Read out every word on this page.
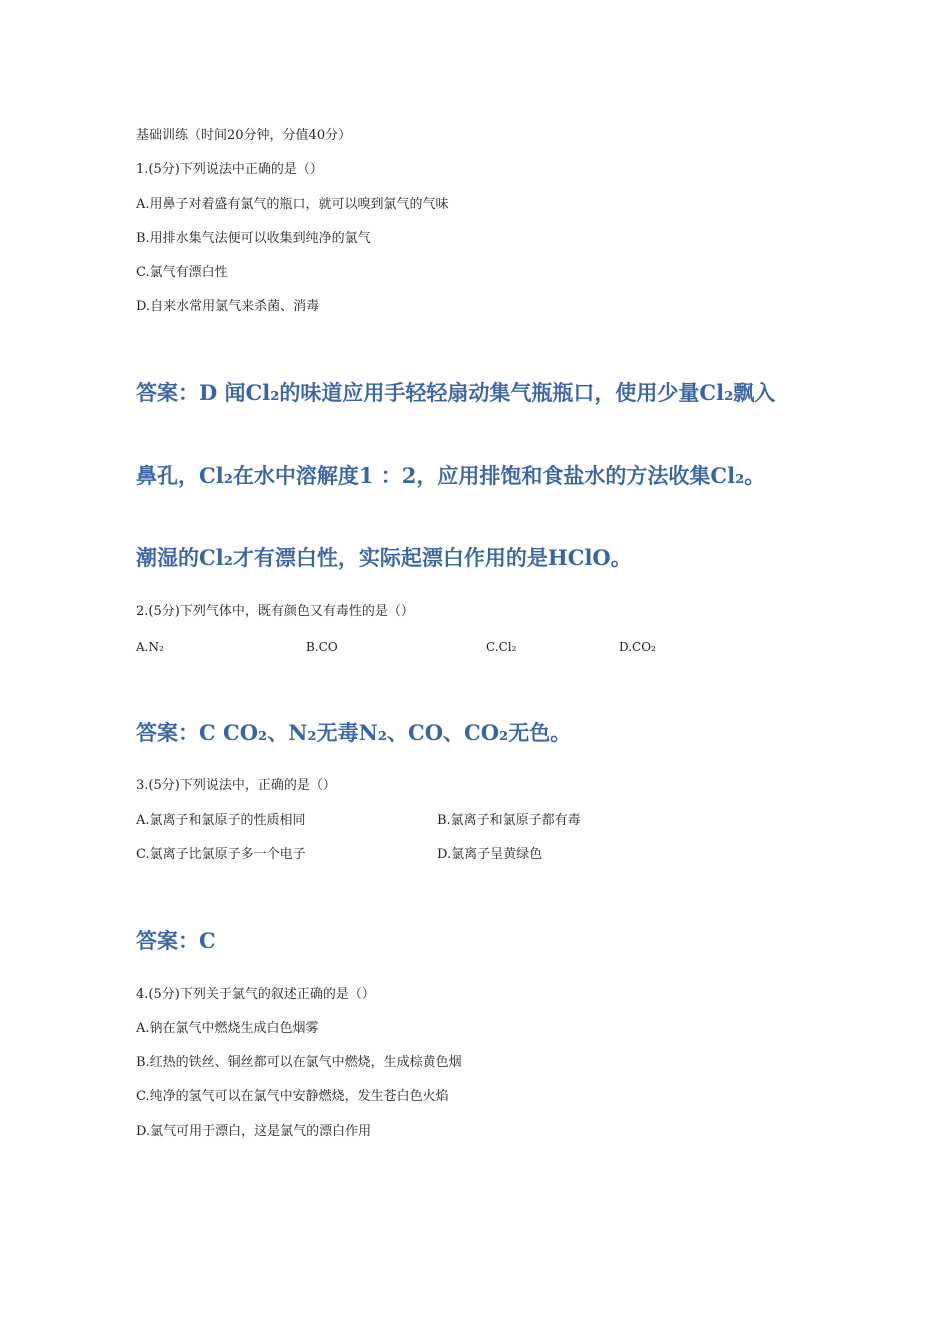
基础训练（时间20分钟，分值40分）
1.(5分)下列说法中正确的是（）
A.用鼻子对着盛有氯气的瓶口，就可以嗅到氯气的气味
B.用排水集气法便可以收集到纯净的氯气
C.氯气有漂白性
D.自来水常用氯气来杀菌、消毒
答案：D 闻Cl₂的味道应用手轻轻扇动集气瓶瓶口，使用少量Cl₂飘入
鼻孔，Cl₂在水中溶解度1 ：2，应用排饱和食盐水的方法收集Cl₂。
潮湿的Cl₂才有漂白性，实际起漂白作用的是HClO。
2.(5分)下列气体中，既有颜色又有毒性的是（）
A.N₂	B.CO	C.Cl₂	D.CO₂
答案：C CO₂、N₂无毒N₂、CO、CO₂无色。
3.(5分)下列说法中，正确的是（）
A.氯离子和氯原子的性质相同	B.氯离子和氯原子都有毒
C.氯离子比氯原子多一个电子	D.氯离子呈黄绿色
答案：C
4.(5分)下列关于氯气的叙述正确的是（）
A.钠在氯气中燃烧生成白色烟雾
B.红热的铁丝、铜丝都可以在氯气中燃烧，生成棕黄色烟
C.纯净的氢气可以在氯气中安静燃烧，发生苍白色火焰
D.氯气可用于漂白，这是氯气的漂白作用
